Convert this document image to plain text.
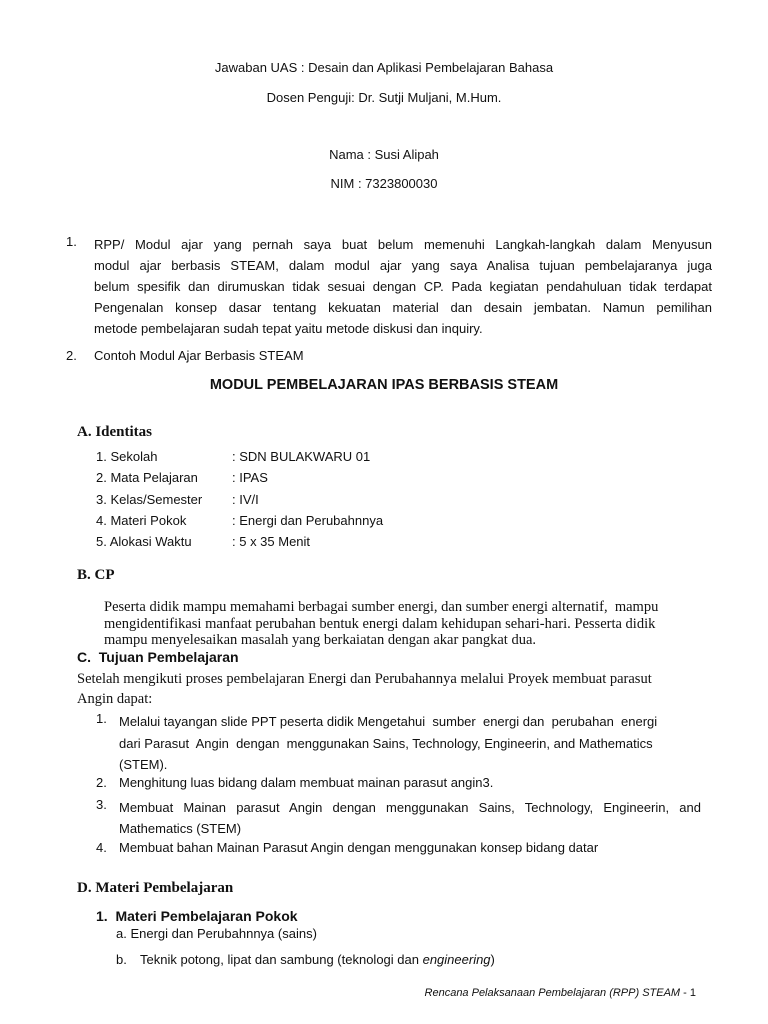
Jawaban UAS : Desain dan Aplikasi Pembelajaran Bahasa
Dosen Penguji: Dr. Sutji Muljani, M.Hum.
Nama : Susi Alipah
NIM : 7323800030
1. RPP/ Modul ajar yang pernah saya buat belum memenuhi Langkah-langkah dalam Menyusun
modul ajar berbasis STEAM, dalam modul ajar yang saya Analisa tujuan pembelajaranya juga
belum spesifik dan dirumuskan tidak sesuai dengan CP. Pada kegiatan pendahuluan tidak terdapat
Pengenalan konsep dasar tentang kekuatan material dan desain jembatan. Namun pemilihan
metode pembelajaran sudah tepat yaitu metode diskusi dan inquiry.
2. Contoh Modul Ajar Berbasis STEAM
MODUL PEMBELAJARAN IPAS BERBASIS STEAM
A. Identitas
1. Sekolah	: SDN BULAKWARU 01
2. Mata Pelajaran	: IPAS
3. Kelas/Semester : IV/I
4. Materi Pokok	: Energi dan Perubahnnya
5. Alokasi Waktu	: 5 x 35 Menit
B. CP
Peserta didik mampu memahami berbagai sumber energi, dan sumber energi alternatif,  mampu
mengidentifikasi manfaat perubahan bentuk energi dalam kehidupan sehari-hari. Pesserta didik
mampu menyelesaikan masalah yang berkaiatan dengan akar pangkat dua.
C.  Tujuan Pembelajaran
Setelah mengikuti proses pembelajaran Energi dan Perubahannya melalui Proyek membuat parasut
Angin dapat:
1. Melalui tayangan slide PPT peserta didik Mengetahui  sumber  energi dan  perubahan  energi
dari Parasut  Angin  dengan  menggunakan Sains, Technology, Engineerin, and Mathematics
(STEM).
2. Menghitung luas bidang dalam membuat mainan parasut angin3.
3. Membuat Mainan parasut Angin dengan menggunakan Sains, Technology, Engineerin, and
Mathematics (STEM)
4. Membuat bahan Mainan Parasut Angin dengan menggunakan konsep bidang datar
D. Materi Pembelajaran
1.  Materi Pembelajaran Pokok
a. Energi dan Perubahnnya (sains)
b. Teknik potong, lipat dan sambung (teknologi dan engineering)
Rencana Pelaksanaan Pembelajaran (RPP) STEAM - 1
